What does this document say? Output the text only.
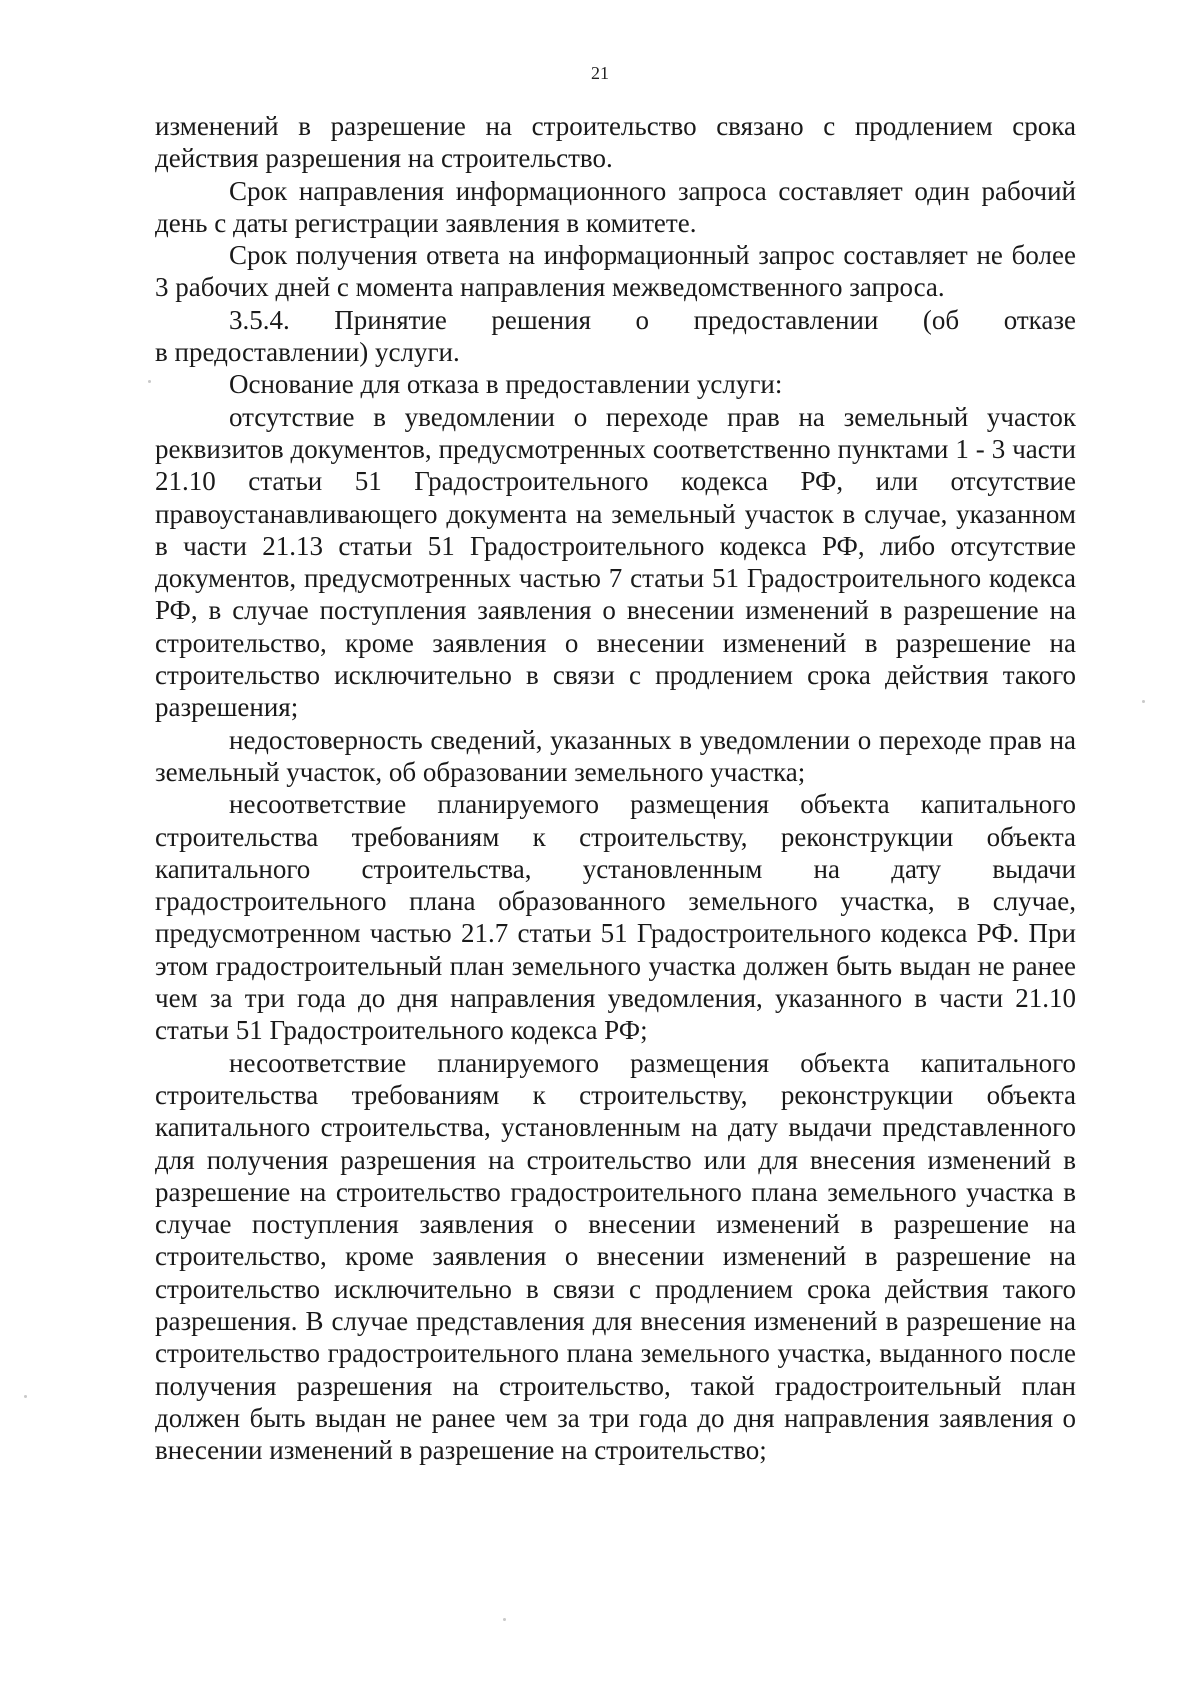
21

изменений в разрешение на строительство связано с продлением срока действия разрешения на строительство.

Срок направления информационного запроса составляет один рабочий день с даты регистрации заявления в комитете.

Срок получения ответа на информационный запрос составляет не более 3 рабочих дней с момента направления межведомственного запроса.

3.5.4. Принятие решения о предоставлении (об отказе

в предоставлении) услуги.

Основание для отказа в предоставлении услуги:

отсутствие в уведомлении о переходе прав на земельный участок реквизитов документов, предусмотренных соответственно пунктами 1 - 3 части 21.10 статьи 51 Градостроительного кодекса РФ, или отсутствие правоустанавливающего документа на земельный участок в случае, указанном в части 21.13 статьи 51 Градостроительного кодекса РФ, либо отсутствие документов, предусмотренных частью 7 статьи 51 Градостроительного кодекса РФ, в случае поступления заявления о внесении изменений в разрешение на строительство, кроме заявления о внесении изменений в разрешение на строительство исключительно в связи с продлением срока действия такого разрешения;

недостоверность сведений, указанных в уведомлении о переходе прав на земельный участок, об образовании земельного участка;

несоответствие планируемого размещения объекта капитального строительства требованиям к строительству, реконструкции объекта капитального строительства, установленным на дату выдачи градостроительного плана образованного земельного участка, в случае, предусмотренном частью 21.7 статьи 51 Градостроительного кодекса РФ. При этом градостроительный план земельного участка должен быть выдан не ранее чем за три года до дня направления уведомления, указанного в части 21.10 статьи 51 Градостроительного кодекса РФ;

несоответствие планируемого размещения объекта капитального строительства требованиям к строительству, реконструкции объекта капитального строительства, установленным на дату выдачи представленного для получения разрешения на строительство или для внесения изменений в разрешение на строительство градостроительного плана земельного участка в случае поступления заявления о внесении изменений в разрешение на строительство, кроме заявления о внесении изменений в разрешение на строительство исключительно в связи с продлением срока действия такого разрешения. В случае представления для внесения изменений в разрешение на строительство градостроительного плана земельного участка, выданного после получения разрешения на строительство, такой градостроительный план должен быть выдан не ранее чем за три года до дня направления заявления о внесении изменений в разрешение на строительство;
